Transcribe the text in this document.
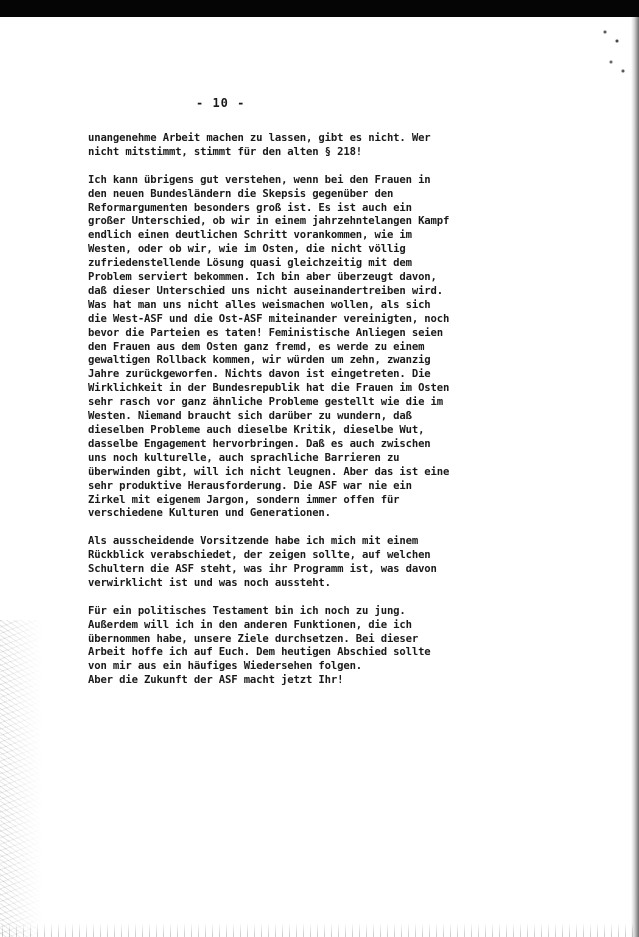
- 10 -

unangenehme Arbeit machen zu lassen, gibt es nicht. Wer
nicht mitstimmt, stimmt für den alten § 218!

Ich kann übrigens gut verstehen, wenn bei den Frauen in
den neuen Bundesländern die Skepsis gegenüber den
Reformargumenten besonders groß ist. Es ist auch ein
großer Unterschied, ob wir in einem jahrzehntelangen Kampf
endlich einen deutlichen Schritt vorankommen, wie im
Westen, oder ob wir, wie im Osten, die nicht völlig
zufriedenstellende Lösung quasi gleichzeitig mit dem
Problem serviert bekommen. Ich bin aber überzeugt davon,
daß dieser Unterschied uns nicht auseinandertreiben wird.
Was hat man uns nicht alles weismachen wollen, als sich
die West-ASF und die Ost-ASF miteinander vereinigten, noch
bevor die Parteien es taten! Feministische Anliegen seien
den Frauen aus dem Osten ganz fremd, es werde zu einem
gewaltigen Rollback kommen, wir würden um zehn, zwanzig
Jahre zurückgeworfen. Nichts davon ist eingetreten. Die
Wirklichkeit in der Bundesrepublik hat die Frauen im Osten
sehr rasch vor ganz ähnliche Probleme gestellt wie die im
Westen. Niemand braucht sich darüber zu wundern, daß
dieselben Probleme auch dieselbe Kritik, dieselbe Wut,
dasselbe Engagement hervorbringen. Daß es auch zwischen
uns noch kulturelle, auch sprachliche Barrieren zu
überwinden gibt, will ich nicht leugnen. Aber das ist eine
sehr produktive Herausforderung. Die ASF war nie ein
Zirkel mit eigenem Jargon, sondern immer offen für
verschiedene Kulturen und Generationen.

Als ausscheidende Vorsitzende habe ich mich mit einem
Rückblick verabschiedet, der zeigen sollte, auf welchen
Schultern die ASF steht, was ihr Programm ist, was davon
verwirklicht ist und was noch aussteht.

Für ein politisches Testament bin ich noch zu jung.
Außerdem will ich in den anderen Funktionen, die ich
übernommen habe, unsere Ziele durchsetzen. Bei dieser
Arbeit hoffe ich auf Euch. Dem heutigen Abschied sollte
von mir aus ein häufiges Wiedersehen folgen.
Aber die Zukunft der ASF macht jetzt Ihr!
